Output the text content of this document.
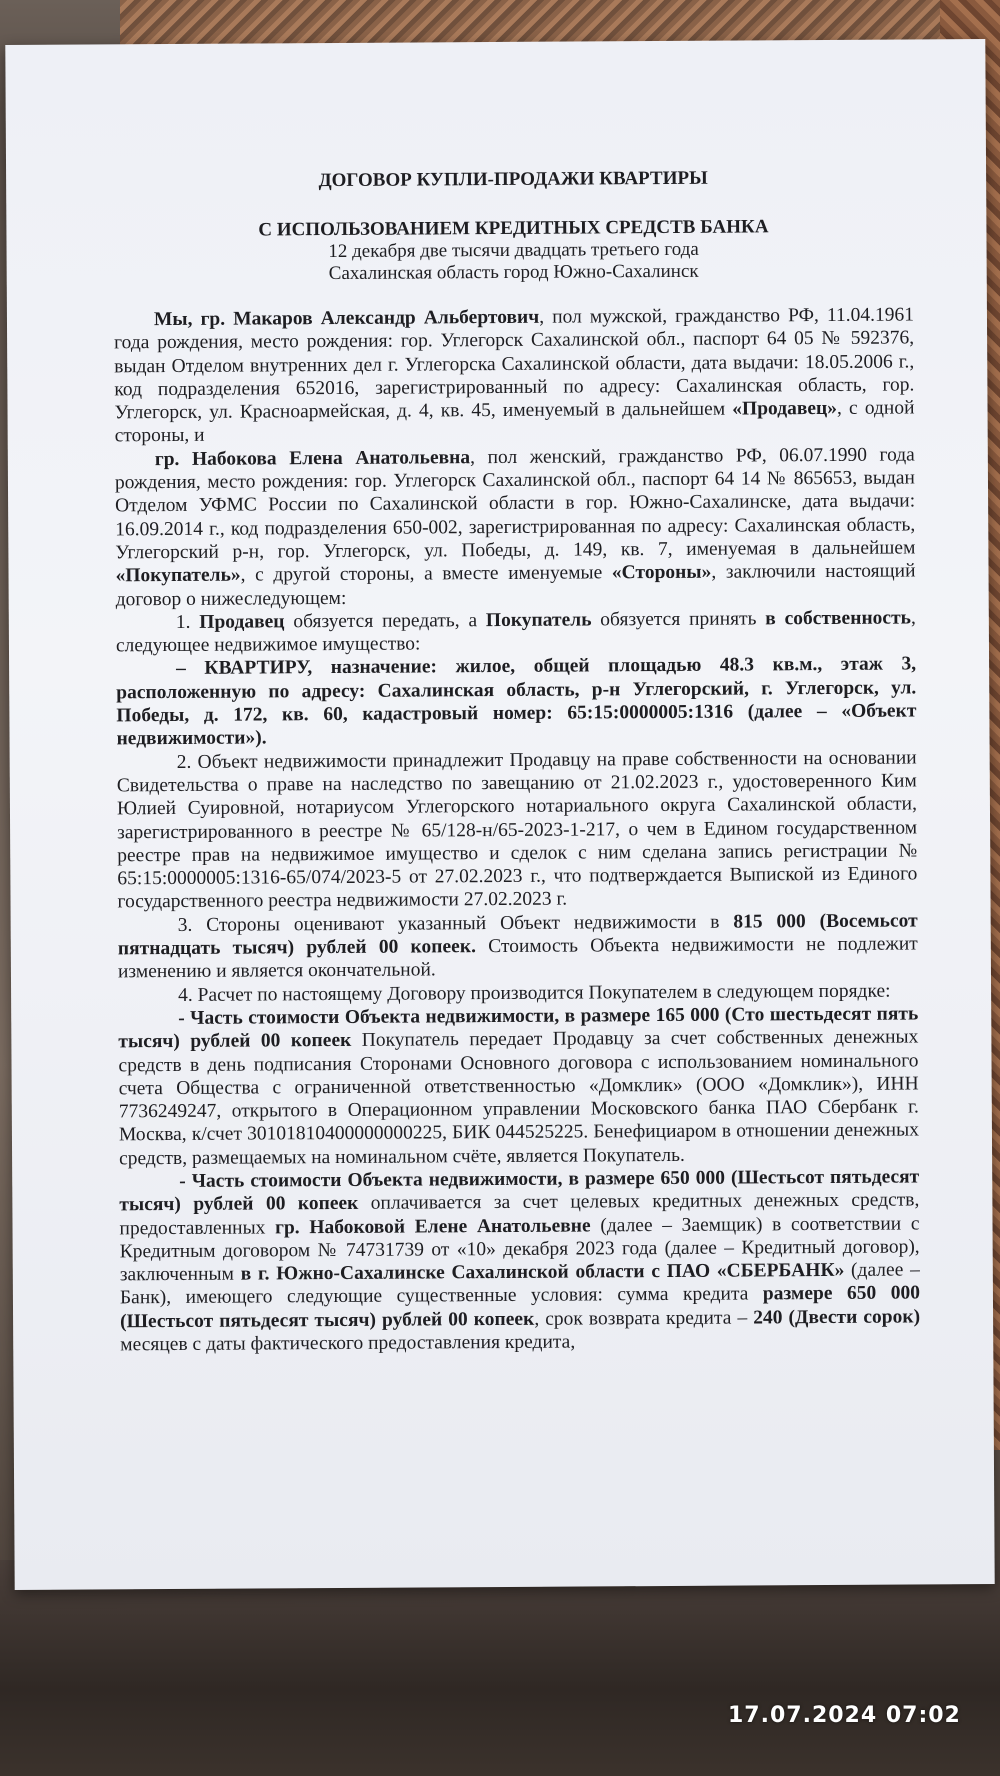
ДОГОВОР КУПЛИ-ПРОДАЖИ КВАРТИРЫ

С ИСПОЛЬЗОВАНИЕМ КРЕДИТНЫХ СРЕДСТВ БАНКА

12 декабря две тысячи двадцать третьего года

Сахалинская область город Южно-Сахалинск

Мы, гр. Макаров Александр Альбертович, пол мужской, гражданство РФ, 11.04.1961 года рождения, место рождения: гор. Углегорск Сахалинской обл., паспорт 64 05 № 592376, выдан Отделом внутренних дел г. Углегорска Сахалинской области, дата выдачи: 18.05.2006 г., код подразделения 652016, зарегистрированный по адресу: Сахалинская область, гор. Углегорск, ул. Красноармейская, д. 4, кв. 45, именуемый в дальнейшем «Продавец», с одной стороны, и

гр. Набокова Елена Анатольевна, пол женский, гражданство РФ, 06.07.1990 года рождения, место рождения: гор. Углегорск Сахалинской обл., паспорт 64 14 № 865653, выдан Отделом УФМС России по Сахалинской области в гор. Южно-Сахалинске, дата выдачи: 16.09.2014 г., код подразделения 650-002, зарегистрированная по адресу: Сахалинская область, Углегорский р-н, гор. Углегорск, ул. Победы, д. 149, кв. 7, именуемая в дальнейшем «Покупатель», с другой стороны, а вместе именуемые «Стороны», заключили настоящий договор о нижеследующем:

1. Продавец обязуется передать, а Покупатель обязуется принять в собственность, следующее недвижимое имущество:

– КВАРТИРУ, назначение: жилое, общей площадью 48.3 кв.м., этаж 3, расположенную по адресу: Сахалинская область, р-н Углегорский, г. Углегорск, ул. Победы, д. 172, кв. 60, кадастровый номер: 65:15:0000005:1316 (далее – «Объект недвижимости»).

2. Объект недвижимости принадлежит Продавцу на праве собственности на основании Свидетельства о праве на наследство по завещанию от 21.02.2023 г., удостоверенного Ким Юлией Суировной, нотариусом Углегорского нотариального округа Сахалинской области, зарегистрированного в реестре № 65/128-н/65-2023-1-217, о чем в Едином государственном реестре прав на недвижимое имущество и сделок с ним сделана запись регистрации № 65:15:0000005:1316-65/074/2023-5 от 27.02.2023 г., что подтверждается Выпиской из Единого государственного реестра недвижимости 27.02.2023 г.

3. Стороны оценивают указанный Объект недвижимости в 815 000 (Восемьсот пятнадцать тысяч) рублей 00 копеек. Стоимость Объекта недвижимости не подлежит изменению и является окончательной.

4. Расчет по настоящему Договору производится Покупателем в следующем порядке:

- Часть стоимости Объекта недвижимости, в размере 165 000 (Сто шестьдесят пять тысяч) рублей 00 копеек Покупатель передает Продавцу за счет собственных денежных средств в день подписания Сторонами Основного договора с использованием номинального счета Общества с ограниченной ответственностью «Домклик» (ООО «Домклик»), ИНН 7736249247, открытого в Операционном управлении Московского банка ПАО Сбербанк г. Москва, к/счет 30101810400000000225, БИК 044525225. Бенефициаром в отношении денежных средств, размещаемых на номинальном счёте, является Покупатель.

- Часть стоимости Объекта недвижимости, в размере 650 000 (Шестьсот пятьдесят тысяч) рублей 00 копеек оплачивается за счет целевых кредитных денежных средств, предоставленных гр. Набоковой Елене Анатольевне (далее – Заемщик) в соответствии с Кредитным договором № 74731739 от «10» декабря 2023 года (далее – Кредитный договор), заключенным в г. Южно-Сахалинске Сахалинской области с ПАО «СБЕРБАНК» (далее – Банк), имеющего следующие существенные условия: сумма кредита размере 650 000 (Шестьсот пятьдесят тысяч) рублей 00 копеек, срок возврата кредита – 240 (Двести сорок) месяцев с даты фактического предоставления кредита,

17.07.2024 07:02
